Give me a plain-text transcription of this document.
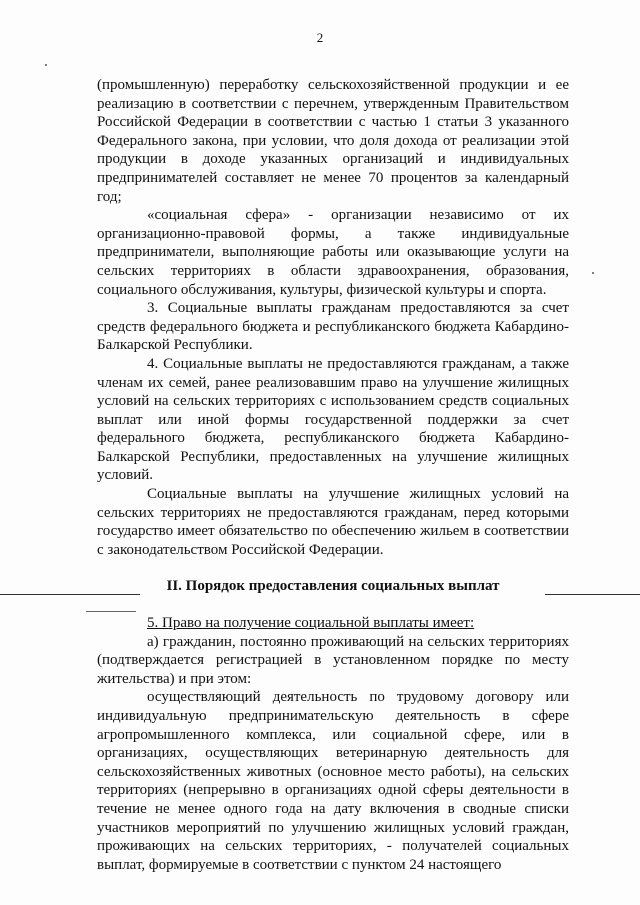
2

(промышленную) переработку сельскохозяйственной продукции и ее реализацию в соответствии с перечнем, утвержденным Правительством Российской Федерации в соответствии с частью 1 статьи 3 указанного Федерального закона, при условии, что доля дохода от реализации этой продукции в доходе указанных организаций и индивидуальных предпринимателей составляет не менее 70 процентов за календарный год;

«социальная сфера» - организации независимо от их организационно-правовой формы, а также индивидуальные предприниматели, выполняющие работы или оказывающие услуги на сельских территориях в области здравоохранения, образования, социального обслуживания, культуры, физической культуры и спорта.

3. Социальные выплаты гражданам предоставляются за счет средств федерального бюджета и республиканского бюджета Кабардино-Балкарской Республики.

4. Социальные выплаты не предоставляются гражданам, а также членам их семей, ранее реализовавшим право на улучшение жилищных условий на сельских территориях с использованием средств социальных выплат или иной формы государственной поддержки за счет федерального бюджета, республиканского бюджета Кабардино-Балкарской Республики, предоставленных на улучшение жилищных условий.

Социальные выплаты на улучшение жилищных условий на сельских территориях не предоставляются гражданам, перед которыми государство имеет обязательство по обеспечению жильем в соответствии с законодательством Российской Федерации.

II. Порядок предоставления социальных выплат

5. Право на получение социальной выплаты имеет:

а) гражданин, постоянно проживающий на сельских территориях (подтверждается регистрацией в установленном порядке по месту жительства) и при этом:

осуществляющий деятельность по трудовому договору или индивидуальную предпринимательскую деятельность в сфере агропромышленного комплекса, или социальной сфере, или в организациях, осуществляющих ветеринарную деятельность для сельскохозяйственных животных (основное место работы), на сельских территориях (непрерывно в организациях одной сферы деятельности в течение не менее одного года на дату включения в сводные списки участников мероприятий по улучшению жилищных условий граждан, проживающих на сельских территориях, - получателей социальных выплат, формируемые в соответствии с пунктом 24 настоящего
